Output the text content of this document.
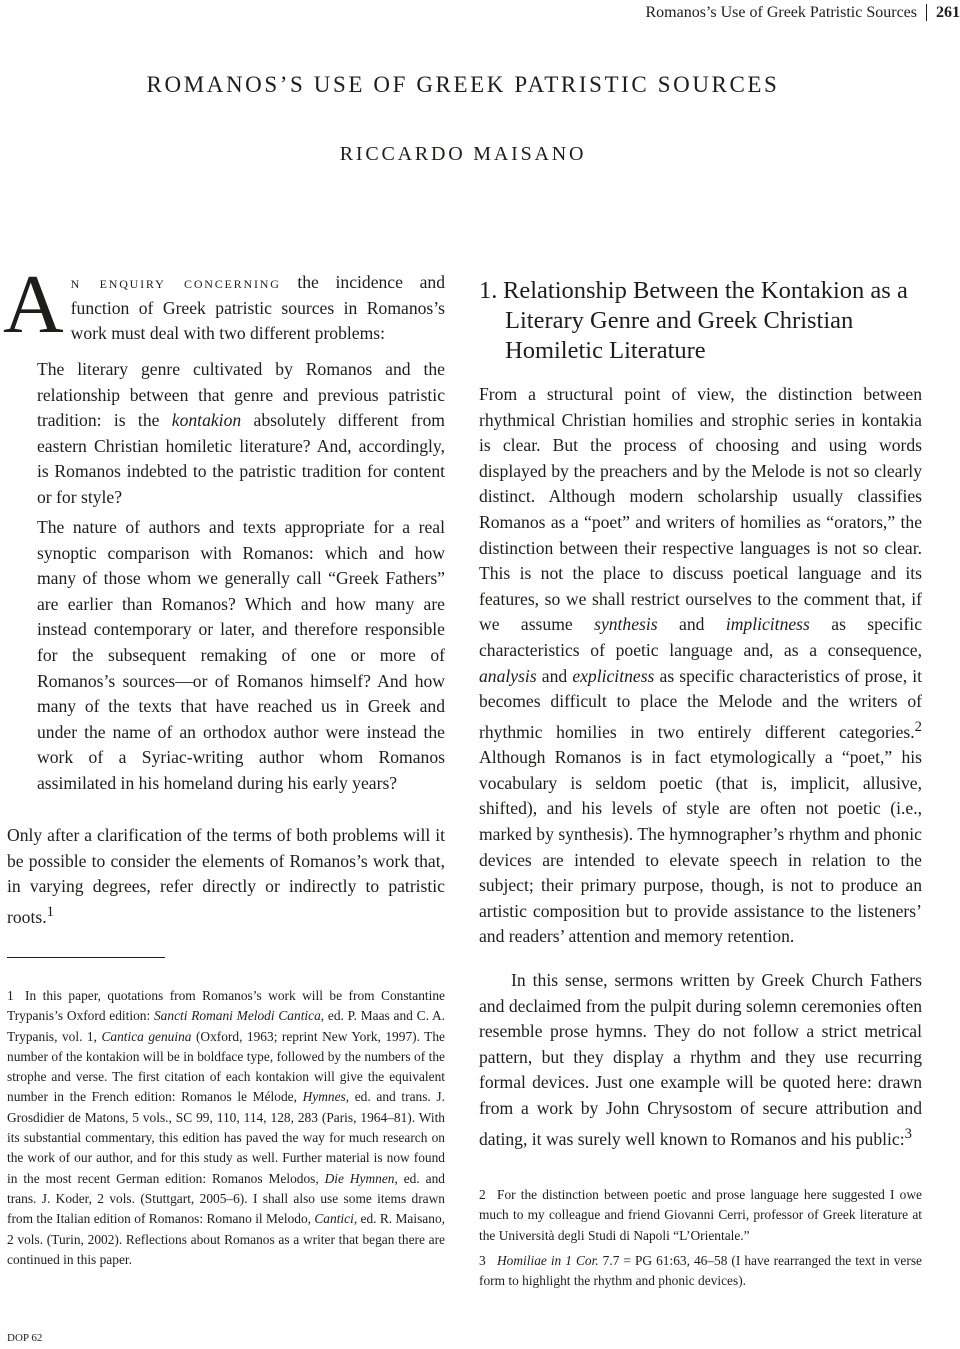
Romanos’s Use of Greek Patristic Sources 261
ROMANOS’S USE OF GREEK PATRISTIC SOURCES
RICCARDO MAISANO

An enquiry concerning the incidence and function of Greek patristic sources in Romanos’s work must deal with two different problems:

The literary genre cultivated by Romanos and the relationship between that genre and previous patristic tradition: is the kontakion absolutely different from eastern Christian homiletic literature? And, accordingly, is Romanos indebted to the patristic tradition for content or for style?

The nature of authors and texts appropriate for a real synoptic comparison with Romanos: which and how many of those whom we generally call “Greek Fathers” are earlier than Romanos? Which and how many are instead contemporary or later, and therefore responsible for the subsequent remaking of one or more of Romanos’s sources—or of Romanos himself? And how many of the texts that have reached us in Greek and under the name of an orthodox author were instead the work of a Syriac-writing author whom Romanos assimilated in his homeland during his early years?

Only after a clarification of the terms of both problems will it be possible to consider the elements of Romanos’s work that, in varying degrees, refer directly or indirectly to patristic roots.$^1$

1 In this paper, quotations from Romanos’s work will be from Constantine Trypanis’s Oxford edition: Sancti Romani Melodi Cantica, ed. P. Maas and C. A. Trypanis, vol. 1, Cantica genuina (Oxford, 1963; reprint New York, 1997). The number of the kontakion will be in boldface type, followed by the numbers of the strophe and verse. The first citation of each kontakion will give the equivalent number in the French edition: Romanos le Mélode, Hymnes, ed. and trans. J. Grosdidier de Matons, 5 vols., SC 99, 110, 114, 128, 283 (Paris, 1964–81). With its substantial commentary, this edition has paved the way for much research on the work of our author, and for this study as well. Further material is now found in the most recent German edition: Romanos Melodos, Die Hymnen, ed. and trans. J. Koder, 2 vols. (Stuttgart, 2005–6). I shall also use some items drawn from the Italian edition of Romanos: Romano il Melodo, Cantici, ed. R. Maisano, 2 vols. (Turin, 2002). Reflections about Romanos as a writer that began there are continued in this paper.

1. Relationship Between the Kontakion as a
Literary Genre and Greek Christian
Homiletic Literature

From a structural point of view, the distinction between rhythmical Christian homilies and strophic series in kontakia is clear. But the process of choosing and using words displayed by the preachers and by the Melode is not so clearly distinct. Although modern scholarship usually classifies Romanos as a “poet” and writers of homilies as “orators,” the distinction between their respective languages is not so clear. This is not the place to discuss poetical language and its features, so we shall restrict ourselves to the comment that, if we assume synthesis and implicitness as specific characteristics of poetic language and, as a consequence, analysis and explicitness as specific characteristics of prose, it becomes difficult to place the Melode and the writers of rhythmic homilies in two entirely different categories.$^2$ Although Romanos is in fact etymologically a “poet,” his vocabulary is seldom poetic (that is, implicit, allusive, shifted), and his levels of style are often not poetic (i.e., marked by synthesis). The hymnographer’s rhythm and phonic devices are intended to elevate speech in relation to the subject; their primary purpose, though, is not to produce an artistic composition but to provide assistance to the listeners’ and readers’ attention and memory retention.

In this sense, sermons written by Greek Church Fathers and declaimed from the pulpit during solemn ceremonies often resemble prose hymns. They do not follow a strict metrical pattern, but they display a rhythm and they use recurring formal devices. Just one example will be quoted here: drawn from a work by John Chrysostom of secure attribution and dating, it was surely well known to Romanos and his public:$^3$

2 For the distinction between poetic and prose language here suggested I owe much to my colleague and friend Giovanni Cerri, professor of Greek literature at the Università degli Studi di Napoli “L’Orientale.”

3 Homiliae in 1 Cor. 7.7 = PG 61:63, 46–58 (I have rearranged the text in verse form to highlight the rhythm and phonic devices).

DOP 62
